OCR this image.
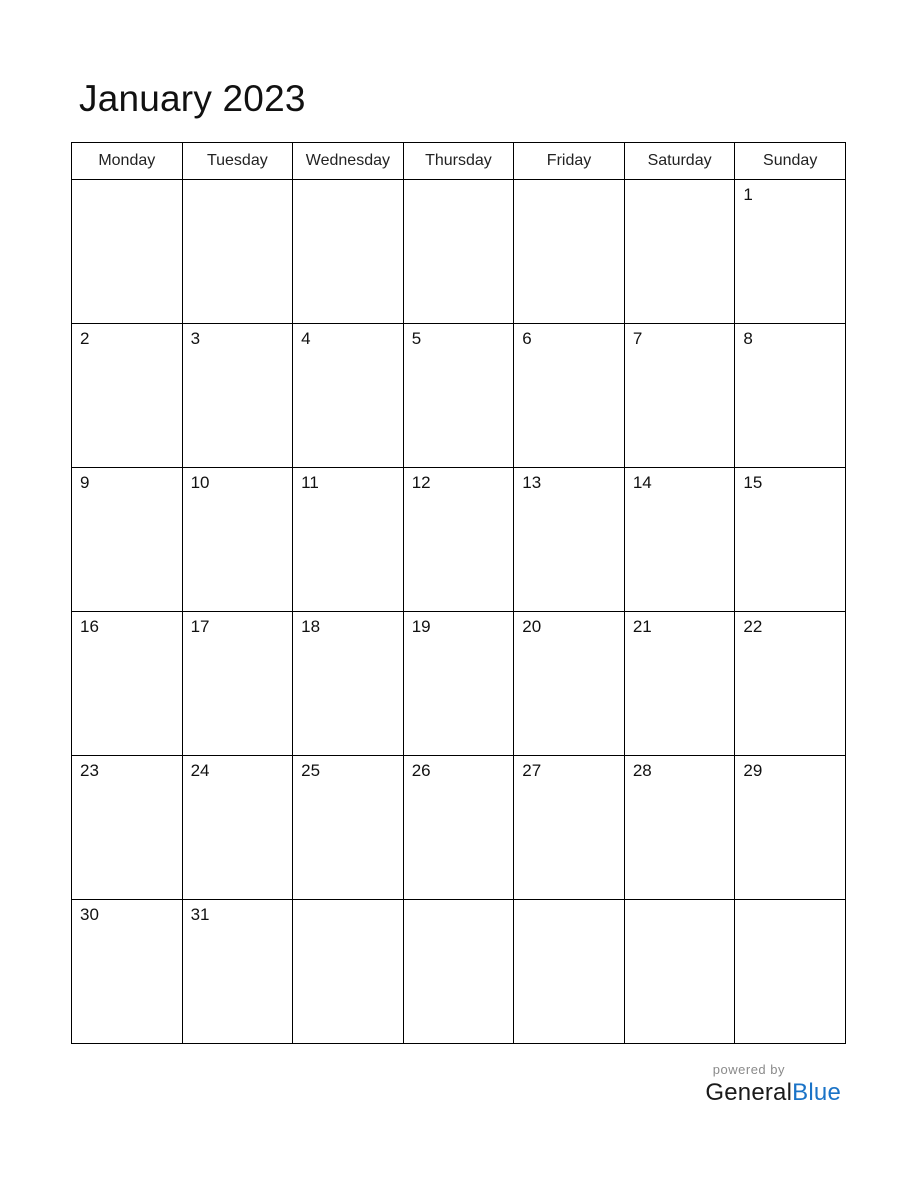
January 2023
Monday	Tuesday	Wednesday	Thursday	Friday	Saturday	Sunday

						1

2	3	4	5	6	7	8

9	10	11	12	13	14	15

16	17	18	19	20	21	22

23	24	25	26	27	28	29

30	31					

powered by
GeneralBlue
